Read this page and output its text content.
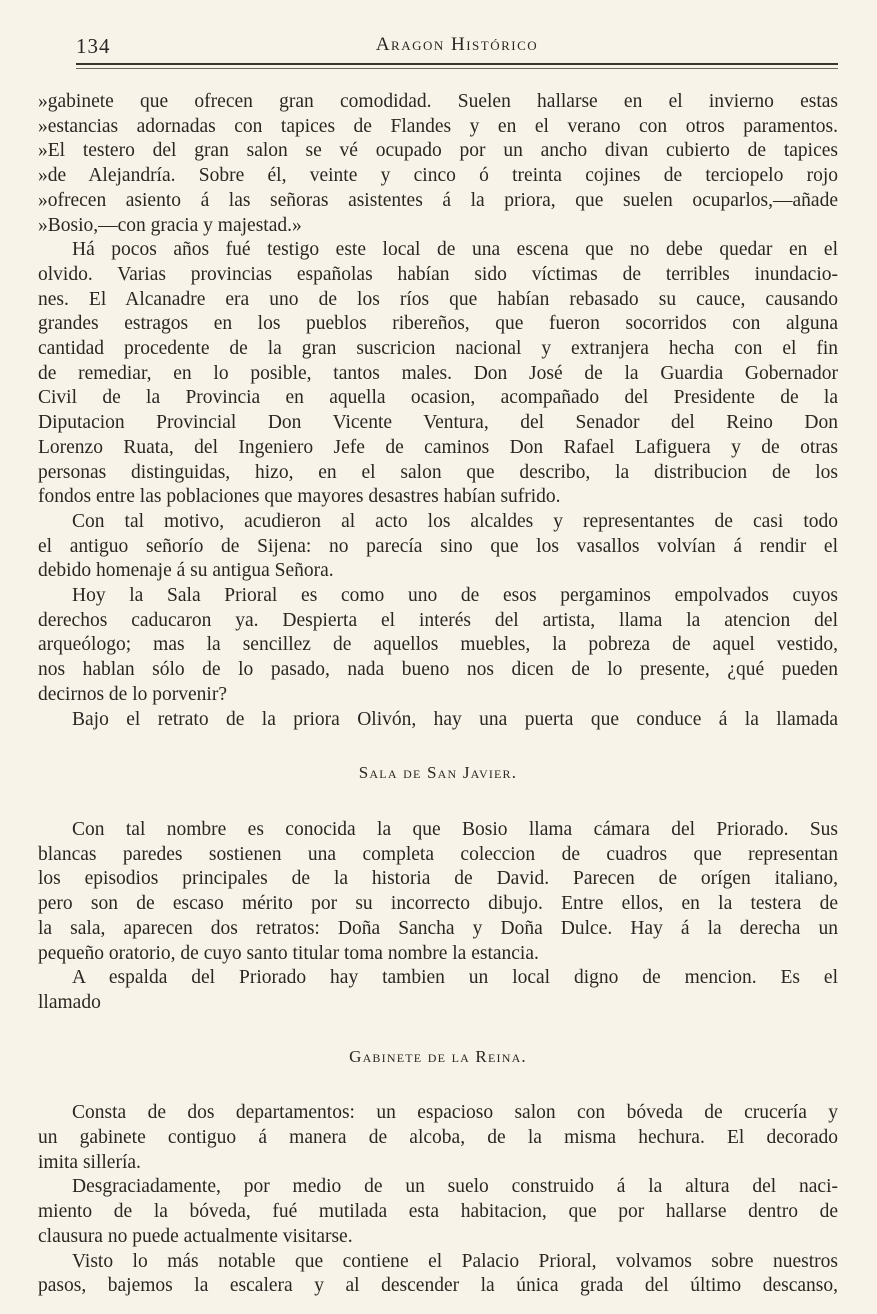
134	Aragon Histórico

»gabinete que ofrecen gran comodidad. Suelen hallarse en el invierno estas

»estancias adornadas con tapices de Flandes y en el verano con otros paramentos.

»El testero del gran salon se vé ocupado por un ancho divan cubierto de tapices

»de Alejandría. Sobre él, veinte y cinco ó treinta cojines de terciopelo rojo

»ofrecen asiento á las señoras asistentes á la priora, que suelen ocuparlos,—añade

»Bosio,—con gracia y majestad.»

Há pocos años fué testigo este local de una escena que no debe quedar en el

olvido. Varias provincias españolas habían sido víctimas de terribles inundacio-

nes. El Alcanadre era uno de los ríos que habían rebasado su cauce, causando

grandes estragos en los pueblos ribereños, que fueron socorridos con alguna

cantidad procedente de la gran suscricion nacional y extranjera hecha con el fin

de remediar, en lo posible, tantos males. Don José de la Guardia Gobernador

Civil de la Provincia en aquella ocasion, acompañado del Presidente de la

Diputacion Provincial Don Vicente Ventura, del Senador del Reino Don

Lorenzo Ruata, del Ingeniero Jefe de caminos Don Rafael Lafiguera y de otras

personas distinguidas, hizo, en el salon que describo, la distribucion de los

fondos entre las poblaciones que mayores desastres habían sufrido.

Con tal motivo, acudieron al acto los alcaldes y representantes de casi todo

el antiguo señorío de Sijena: no parecía sino que los vasallos volvían á rendir el

debido homenaje á su antigua Señora.

Hoy la Sala Prioral es como uno de esos pergaminos empolvados cuyos

derechos caducaron ya. Despierta el interés del artista, llama la atencion del

arqueólogo; mas la sencillez de aquellos muebles, la pobreza de aquel vestido,

nos hablan sólo de lo pasado, nada bueno nos dicen de lo presente, ¿qué pueden

decirnos de lo porvenir?

Bajo el retrato de la priora Olivón, hay una puerta que conduce á la llamada

Sala de San Javier.

Con tal nombre es conocida la que Bosio llama cámara del Priorado. Sus

blancas paredes sostienen una completa coleccion de cuadros que representan

los episodios principales de la historia de David. Parecen de orígen italiano,

pero son de escaso mérito por su incorrecto dibujo. Entre ellos, en la testera de

la sala, aparecen dos retratos: Doña Sancha y Doña Dulce. Hay á la derecha un

pequeño oratorio, de cuyo santo titular toma nombre la estancia.

A espalda del Priorado hay tambien un local digno de mencion. Es el

llamado

Gabinete de la Reina.

Consta de dos departamentos: un espacioso salon con bóveda de crucería y

un gabinete contiguo á manera de alcoba, de la misma hechura. El decorado

imita sillería.

Desgraciadamente, por medio de un suelo construido á la altura del naci-

miento de la bóveda, fué mutilada esta habitacion, que por hallarse dentro de

clausura no puede actualmente visitarse.

Visto lo más notable que contiene el Palacio Prioral, volvamos sobre nuestros

pasos, bajemos la escalera y al descender la única grada del último descanso,
